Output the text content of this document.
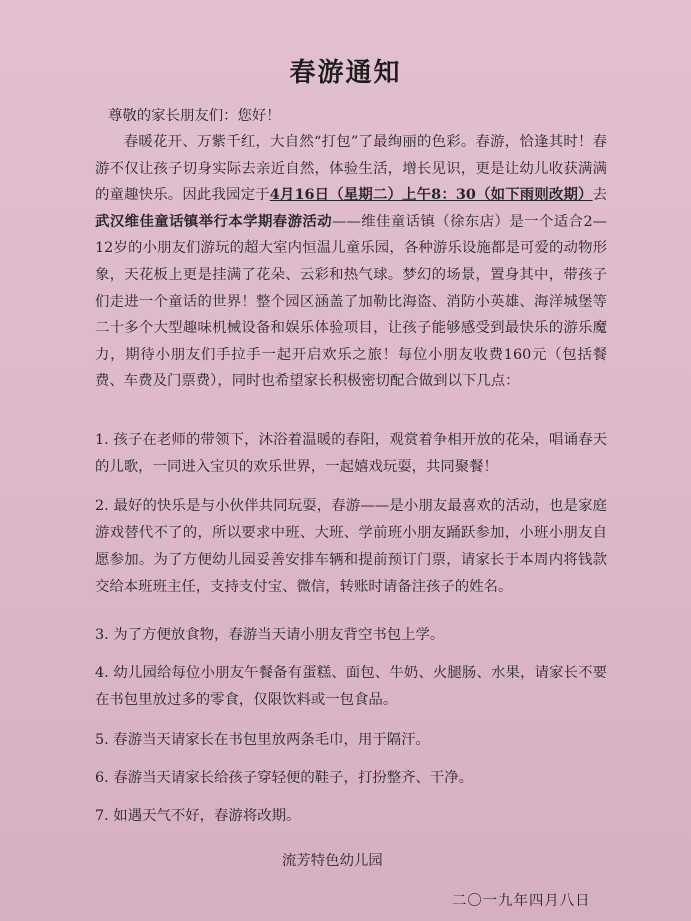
春游通知
尊敬的家长朋友们：您好！
春暖花开、万紫千红，大自然“打包”了最绚丽的色彩。春游，恰逢其时！春游不仅让孩子切身实际去亲近自然，体验生活，增长见识，更是让幼儿收获满满的童趣快乐。因此我园定于4月16日（星期二）上午8：30（如下雨则改期）去武汉维佳童话镇举行本学期春游活动——维佳童话镇（徐东店）是一个适合2—12岁的小朋友们游玩的超大室内恒温儿童乐园，各种游乐设施都是可爱的动物形象，天花板上更是挂满了花朵、云彩和热气球。梦幻的场景，置身其中，带孩子们走进一个童话的世界！整个园区涵盖了加勒比海盗、消防小英雄、海洋城堡等二十多个大型趣味机械设备和娱乐体验项目，让孩子能够感受到最快乐的游乐魔力，期待小朋友们手拉手一起开启欢乐之旅！每位小朋友收费160元（包括餐费、车费及门票费），同时也希望家长积极密切配合做到以下几点：
1. 孩子在老师的带领下，沐浴着温暖的春阳，观赏着争相开放的花朵，唱诵春天的儿歌，一同进入宝贝的欢乐世界，一起嬉戏玩耍，共同聚餐！
2. 最好的快乐是与小伙伴共同玩耍，春游——是小朋友最喜欢的活动，也是家庭游戏替代不了的，所以要求中班、大班、学前班小朋友踊跃参加，小班小朋友自愿参加。为了方便幼儿园妥善安排车辆和提前预订门票，请家长于本周内将钱款交给本班班主任，支持支付宝、微信，转账时请备注孩子的姓名。
3. 为了方便放食物，春游当天请小朋友背空书包上学。
4. 幼儿园给每位小朋友午餐备有蛋糕、面包、牛奶、火腿肠、水果，请家长不要在书包里放过多的零食，仅限饮料或一包食品。
5. 春游当天请家长在书包里放两条毛巾，用于隔汗。
6. 春游当天请家长给孩子穿轻便的鞋子，打扮整齐、干净。
7. 如遇天气不好，春游将改期。
流芳特色幼儿园
二〇一九年四月八日
